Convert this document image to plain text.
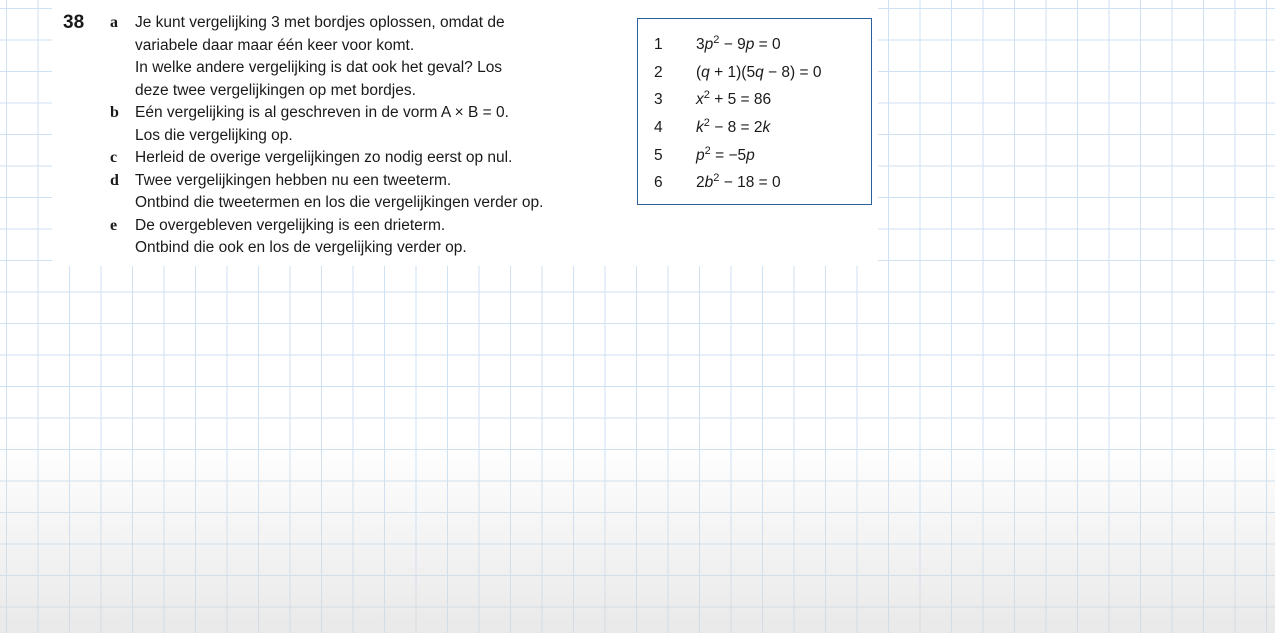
38 a Je kunt vergelijking 3 met bordjes oplossen, omdat de
variabele daar maar één keer voor komt.
In welke andere vergelijking is dat ook het geval? Los
deze twee vergelijkingen op met bordjes.
b Eén vergelijking is al geschreven in de vorm A × B = 0.
Los die vergelijking op.
c Herleid de overige vergelijkingen zo nodig eerst op nul.
d Twee vergelijkingen hebben nu een tweeterm.
Ontbind die tweetermen en los die vergelijkingen verder op.
e De overgebleven vergelijking is een drieterm.
Ontbind die ook en los de vergelijking verder op.
1 $3p^2 - 9p = 0$
2 (q + 1)(5q − 8) = 0
3 $x^2 + 5 = 86$
4 $k^2 - 8 = 2k$
5 $p^2 = -5p$
6 $2b^2 - 18 = 0$
